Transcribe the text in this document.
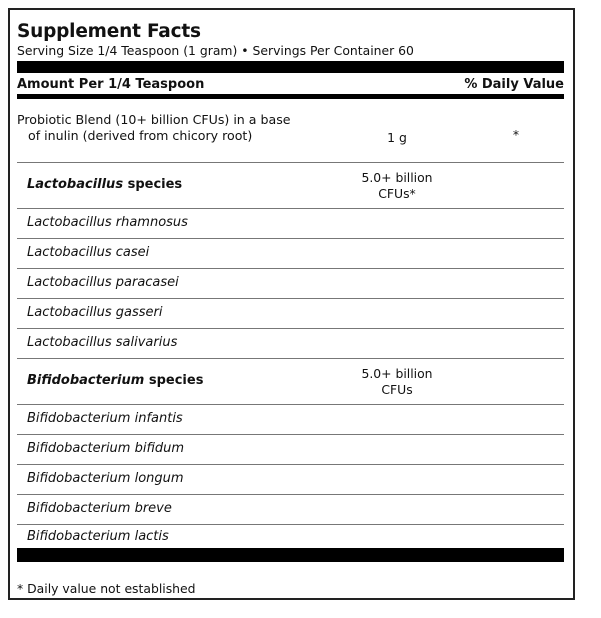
Supplement Facts
Serving Size 1/4 Teaspoon (1 gram) • Servings Per Container 60
Amount Per 1/4 Teaspoon	% Daily Value
Probiotic Blend (10+ billion CFUs) in a base
of inulin (derived from chicory root)	1 g	*
Lactobacillus species	5.0+ billion
CFUs*
Lactobacillus rhamnosus
Lactobacillus casei
Lactobacillus paracasei
Lactobacillus gasseri
Lactobacillus salivarius
Bifidobacterium species	5.0+ billion
CFUs
Bifidobacterium infantis
Bifidobacterium bifidum
Bifidobacterium longum
Bifidobacterium breve
Bifidobacterium lactis
* Daily value not established
